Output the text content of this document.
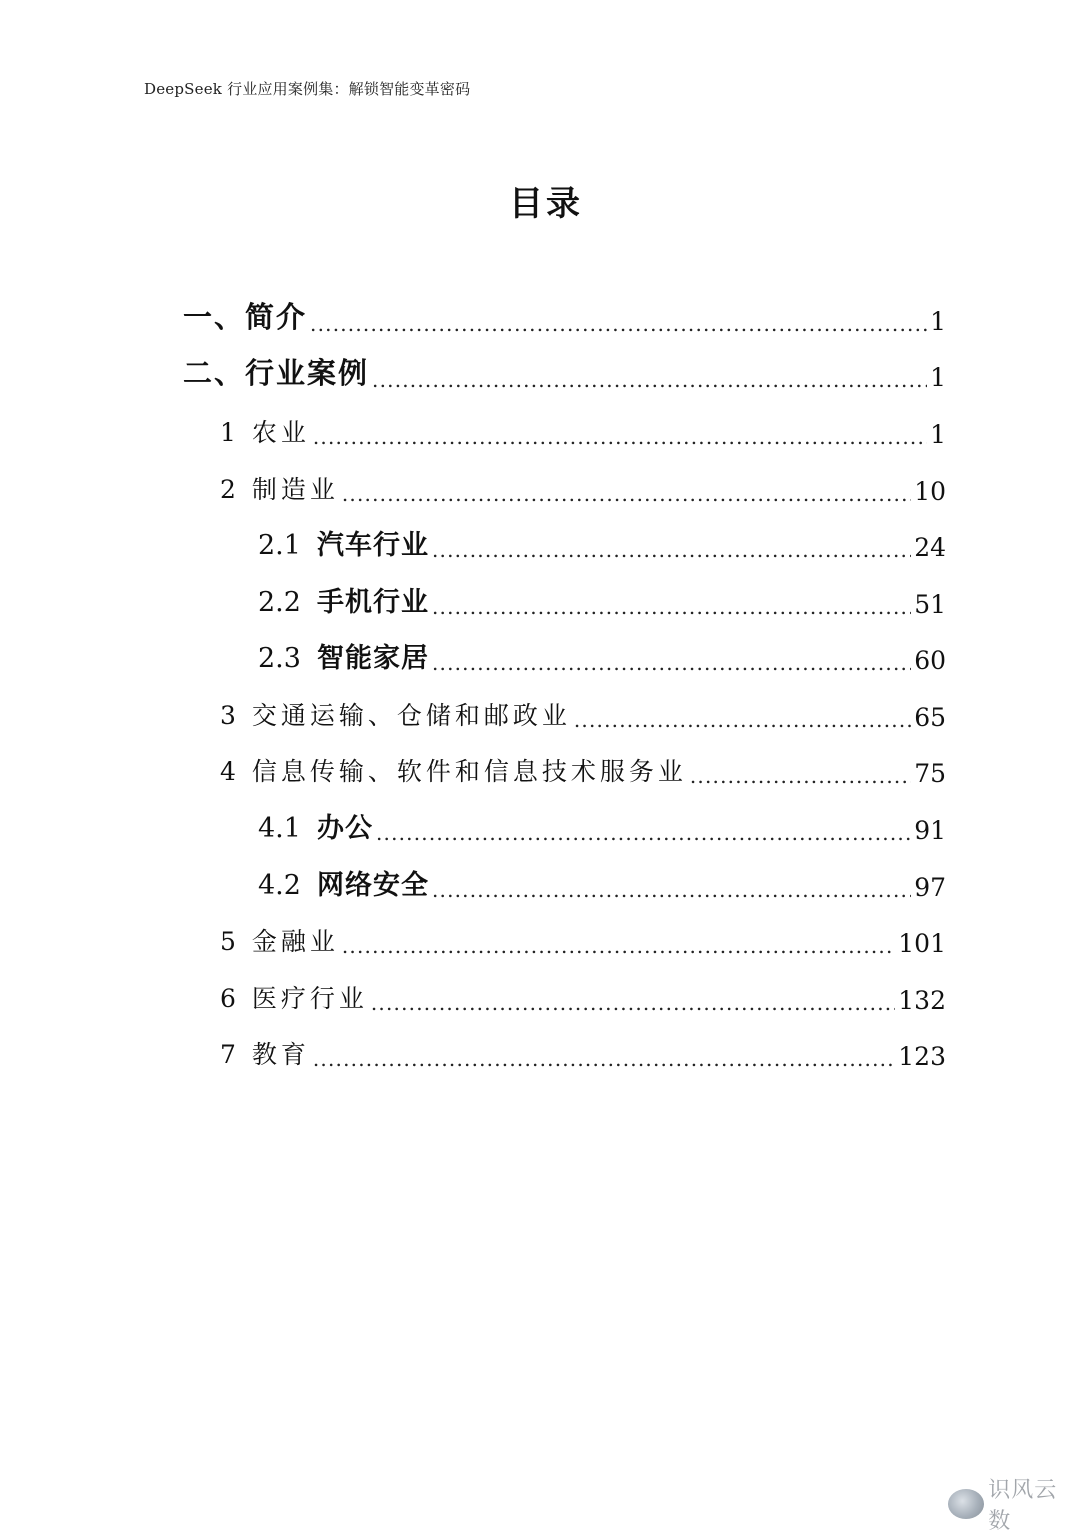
DeepSeek 行业应用案例集：解锁智能变革密码
目录
一、简介 .....	1
二、行业案例 .....	1
1 农业 .....	1
2 制造业 .....	10
2.1 汽车行业 .....	24
2.2 手机行业 .....	51
2.3 智能家居 .....	60
3 交通运输、仓储和邮政业 .....	65
4 信息传输、软件和信息技术服务业 .....	75
4.1 办公 .....	91
4.2 网络安全 .....	97
5 金融业 .....	101
6 医疗行业 .....	132
7 教育 .....	123
识风云数
